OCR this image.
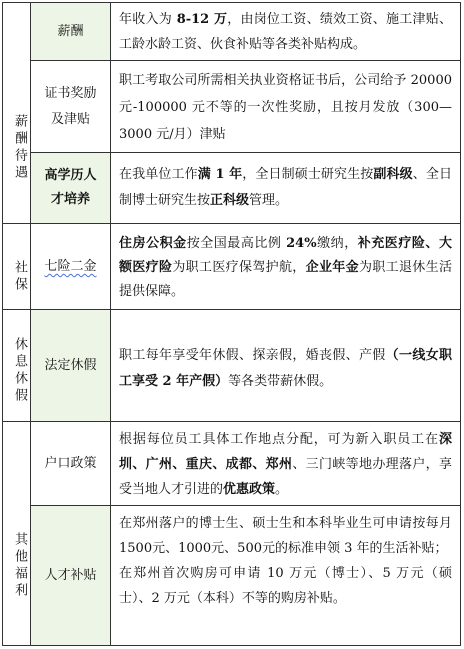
薪酬待遇
社保
休息休假
其他福利
薪酬
证书奖励及津贴
高学历人才培养
七险二金
法定休假
户口政策
人才补贴
年收入为 8-12 万，由岗位工资、绩效工资、施工津贴、工龄水龄工资、伙食补贴等各类补贴构成。
职工考取公司所需相关执业资格证书后，公司给予 20000 元-100000 元不等的一次性奖励，且按月发放（300—3000 元/月）津贴
在我单位工作满 1 年，全日制硕士研究生按副科级、全日制博士研究生按正科级管理。
住房公积金按全国最高比例 24%缴纳，补充医疗险、大额医疗险为职工医疗保驾护航，企业年金为职工退休生活提供保障。
职工每年享受年休假、探亲假，婚丧假、产假（一线女职工享受 2 年产假）等各类带薪休假。
根据每位员工具体工作地点分配，可为新入职员工在深圳、广州、重庆、成都、郑州、三门峡等地办理落户，享受当地人才引进的优惠政策。
在郑州落户的博士生、硕士生和本科毕业生可申请按每月 1500元、1000元、500元的标准申领 3 年的生活补贴；
在郑州首次购房可申请 10 万元（博士）、5 万元（硕士）、2 万元（本科）不等的购房补贴。
